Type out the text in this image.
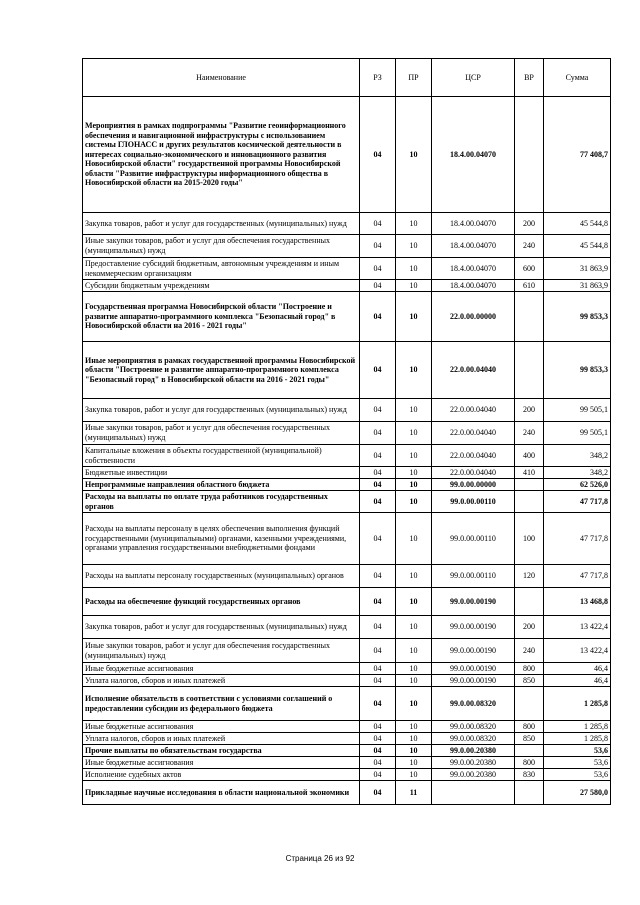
Наименование	РЗ	ПР	ЦСР	ВР	Сумма
Мероприятия в рамках подпрограммы "Развитие геоинформационного обеспечения и навигационной инфраструктуры с использованием системы ГЛОНАСС и других результатов космической деятельности в интересах социально-экономического и инновационного развития Новосибирской области" государственной программы Новосибирской области "Развитие инфраструктуры информационного общества в Новосибирской области на 2015-2020 годы"	04	10	18.4.00.04070		77 408,7
Закупка товаров, работ и услуг для государственных (муниципальных) нужд	04	10	18.4.00.04070	200	45 544,8
Иные закупки товаров, работ и услуг для обеспечения государственных (муниципальных) нужд	04	10	18.4.00.04070	240	45 544,8
Предоставление субсидий бюджетным, автономным учреждениям и иным некоммерческим организациям	04	10	18.4.00.04070	600	31 863,9
Субсидии бюджетным учреждениям	04	10	18.4.00.04070	610	31 863,9
Государственная программа Новосибирской области "Построение и развитие аппаратно-программного комплекса "Безопасный город" в Новосибирской области на 2016 - 2021 годы"	04	10	22.0.00.00000		99 853,3
Иные мероприятия в рамках государственной программы Новосибирской области "Построение и развитие аппаратно-программного комплекса "Безопасный город" в Новосибирской области на 2016 - 2021 годы"	04	10	22.0.00.04040		99 853,3
Закупка товаров, работ и услуг для государственных (муниципальных) нужд	04	10	22.0.00.04040	200	99 505,1
Иные закупки товаров, работ и услуг для обеспечения государственных (муниципальных) нужд	04	10	22.0.00.04040	240	99 505,1
Капитальные вложения в объекты государственной (муниципальной) собственности	04	10	22.0.00.04040	400	348,2
Бюджетные инвестиции	04	10	22.0.00.04040	410	348,2
Непрограммные направления областного бюджета	04	10	99.0.00.00000		62 526,0
Расходы на выплаты по оплате труда работников государственных органов	04	10	99.0.00.00110		47 717,8
Расходы на выплаты персоналу в целях обеспечения выполнения функций государственными (муниципальными) органами, казенными учреждениями, органами управления государственными внебюджетными фондами	04	10	99.0.00.00110	100	47 717,8
Расходы на выплаты персоналу государственных (муниципальных) органов	04	10	99.0.00.00110	120	47 717,8
Расходы на обеспечение функций государственных органов	04	10	99.0.00.00190		13 468,8
Закупка товаров, работ и услуг для государственных (муниципальных) нужд	04	10	99.0.00.00190	200	13 422,4
Иные закупки товаров, работ и услуг для обеспечения государственных (муниципальных) нужд	04	10	99.0.00.00190	240	13 422,4
Иные бюджетные ассигнования	04	10	99.0.00.00190	800	46,4
Уплата налогов, сборов и иных платежей	04	10	99.0.00.00190	850	46,4
Исполнение обязательств в соответствии с условиями соглашений о предоставлении субсидии из федерального бюджета	04	10	99.0.00.08320		1 285,8
Иные бюджетные ассигнования	04	10	99.0.00.08320	800	1 285,8
Уплата налогов, сборов и иных платежей	04	10	99.0.00.08320	850	1 285,8
Прочие выплаты по обязательствам государства	04	10	99.0.00.20380		53,6
Иные бюджетные ассигнования	04	10	99.0.00.20380	800	53,6
Исполнение судебных актов	04	10	99.0.00.20380	830	53,6
Прикладные научные исследования в области национальной экономики	04	11			27 580,0
Страница 26 из 92
